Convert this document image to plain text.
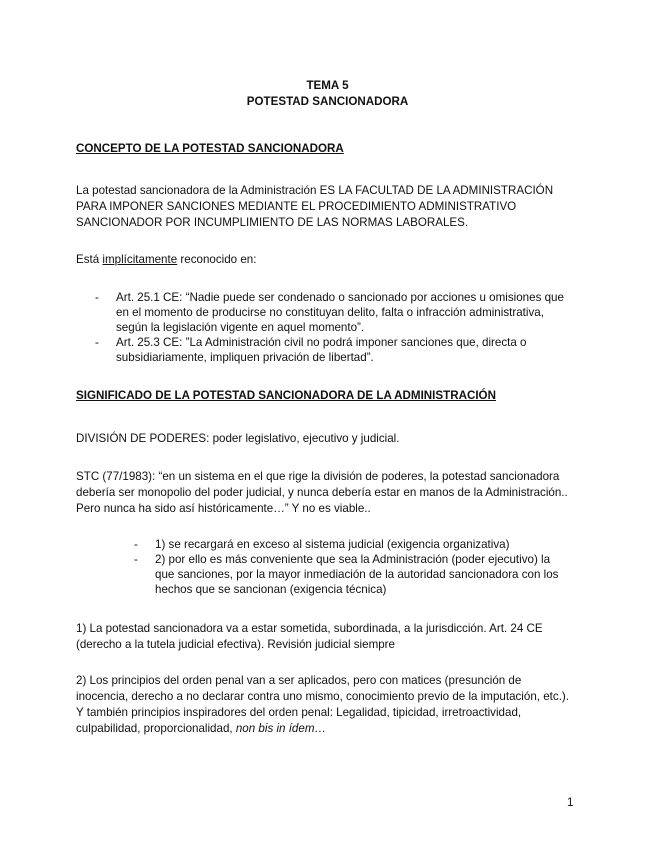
TEMA 5
POTESTAD SANCIONADORA
CONCEPTO DE LA POTESTAD SANCIONADORA
La potestad sancionadora de la Administración ES LA FACULTAD DE LA ADMINISTRACIÓN
PARA IMPONER SANCIONES MEDIANTE EL PROCEDIMIENTO ADMINISTRATIVO
SANCIONADOR POR INCUMPLIMIENTO DE LAS NORMAS LABORALES.
Está implícitamente reconocido en:
- Art. 25.1 CE: “Nadie puede ser condenado o sancionado por acciones u omisiones que
en el momento de producirse no constituyan delito, falta o infracción administrativa,
según la legislación vigente en aquel momento”.
- Art. 25.3 CE: ”La Administración civil no podrá imponer sanciones que, directa o
subsidiariamente, impliquen privación de libertad”.
SIGNIFICADO DE LA POTESTAD SANCIONADORA DE LA ADMINISTRACIÓN
DIVISIÓN DE PODERES: poder legislativo, ejecutivo y judicial.
STC (77/1983): “en un sistema en el que rige la división de poderes, la potestad sancionadora
debería ser monopolio del poder judicial, y nunca debería estar en manos de la Administración..
Pero nunca ha sido así históricamente…” Y no es viable..
- 1) se recargará en exceso al sistema judicial (exigencia organizativa)
- 2) por ello es más conveniente que sea la Administración (poder ejecutivo) la
que sanciones, por la mayor inmediación de la autoridad sancionadora con los
hechos que se sancionan (exigencia técnica)
1) La potestad sancionadora va a estar sometida, subordinada, a la jurisdicción. Art. 24 CE
(derecho a la tutela judicial efectiva). Revisión judicial siempre
2) Los principios del orden penal van a ser aplicados, pero con matices (presunción de
inocencia, derecho a no declarar contra uno mismo, conocimiento previo de la imputación, etc.).
Y también principios inspiradores del orden penal: Legalidad, tipicidad, irretroactividad,
culpabilidad, proporcionalidad, non bis in ídem…
1
